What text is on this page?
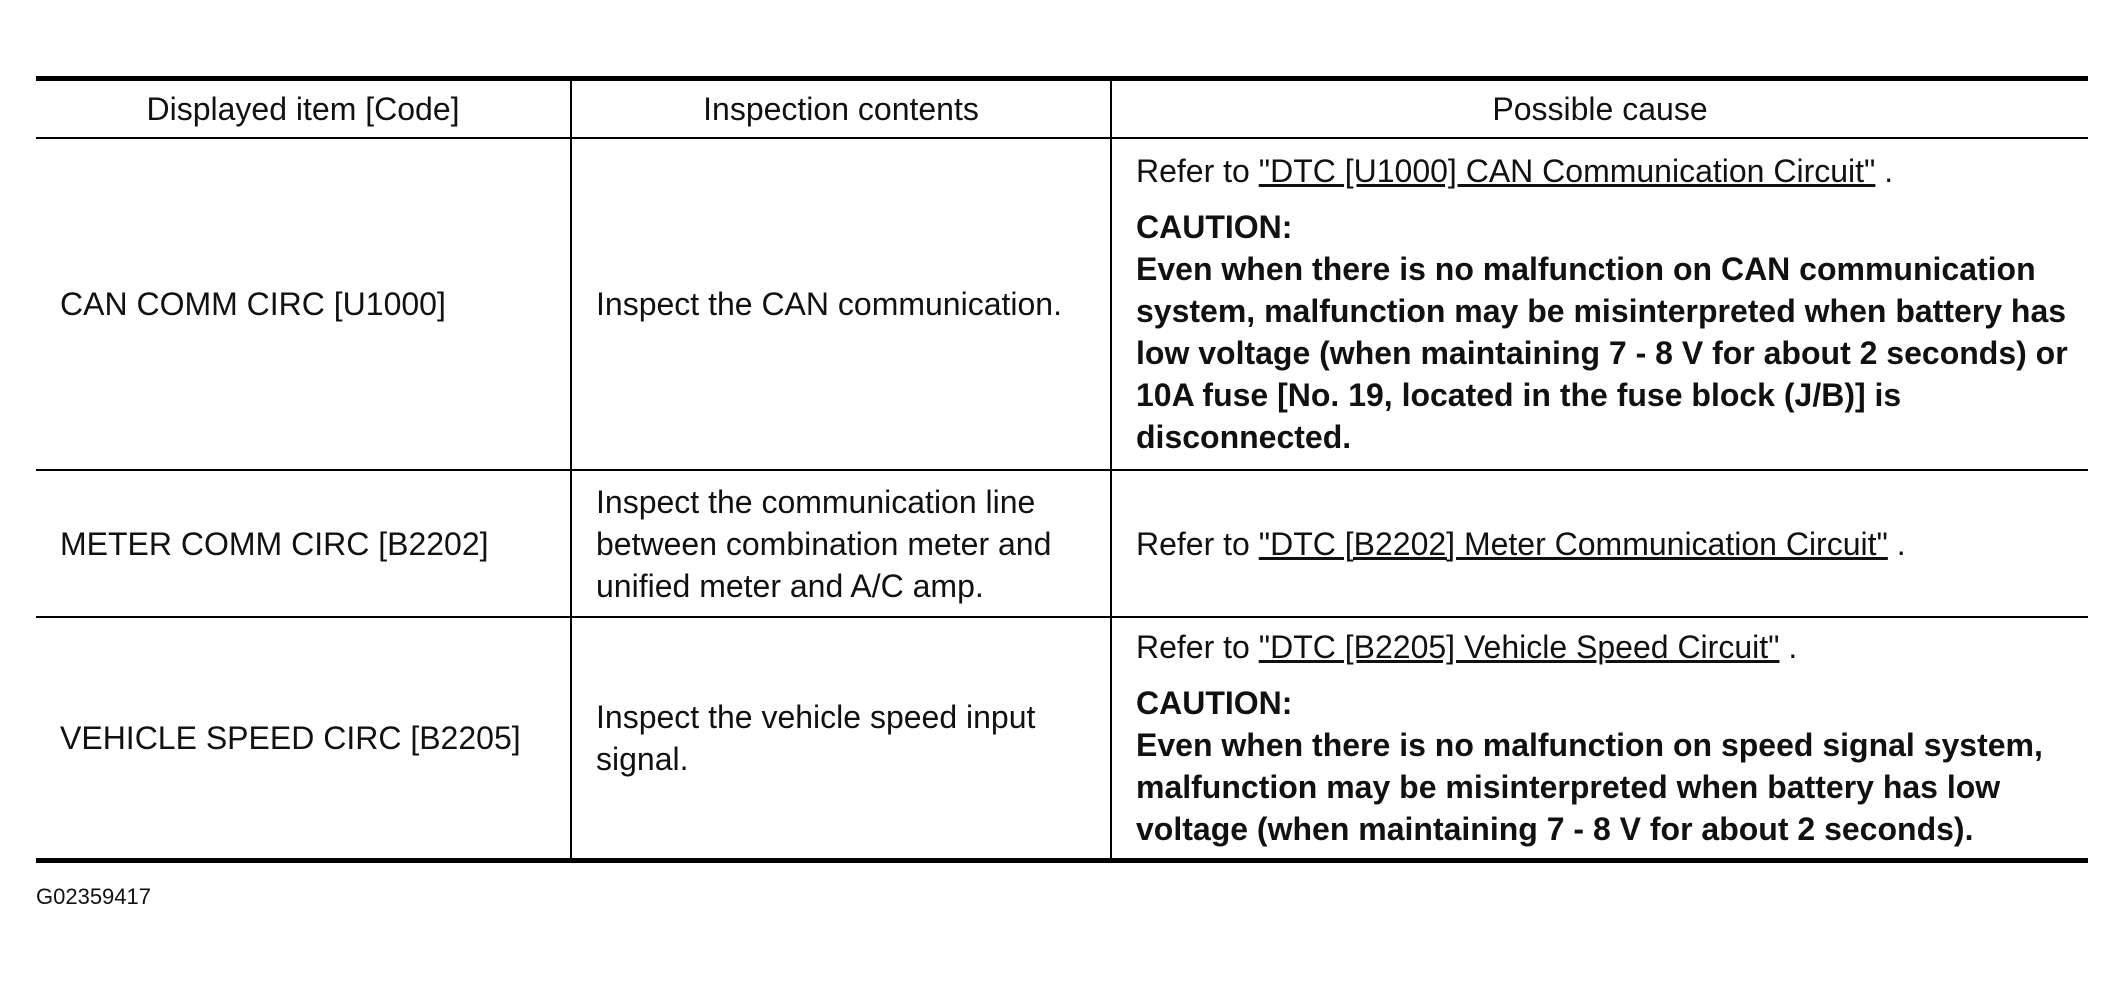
Displayed item [Code]	Inspection contents	Possible cause
CAN COMM CIRC [U1000]	Inspect the CAN communication.	Refer to "DTC [U1000] CAN Communication Circuit" .
CAUTION:
Even when there is no malfunction on CAN communication system, malfunction may be misinterpreted when battery has low voltage (when maintaining 7 - 8 V for about 2 seconds) or 10A fuse [No. 19, located in the fuse block (J/B)] is disconnected.

METER COMM CIRC [B2202]	Inspect the communication line between combination meter and unified meter and A/C amp.	Refer to "DTC [B2202] Meter Communication Circuit" .

VEHICLE SPEED CIRC [B2205]	Inspect the vehicle speed input signal.	Refer to "DTC [B2205] Vehicle Speed Circuit" .
CAUTION:
Even when there is no malfunction on speed signal system, malfunction may be misinterpreted when battery has low voltage (when maintaining 7 - 8 V for about 2 seconds).
G02359417
